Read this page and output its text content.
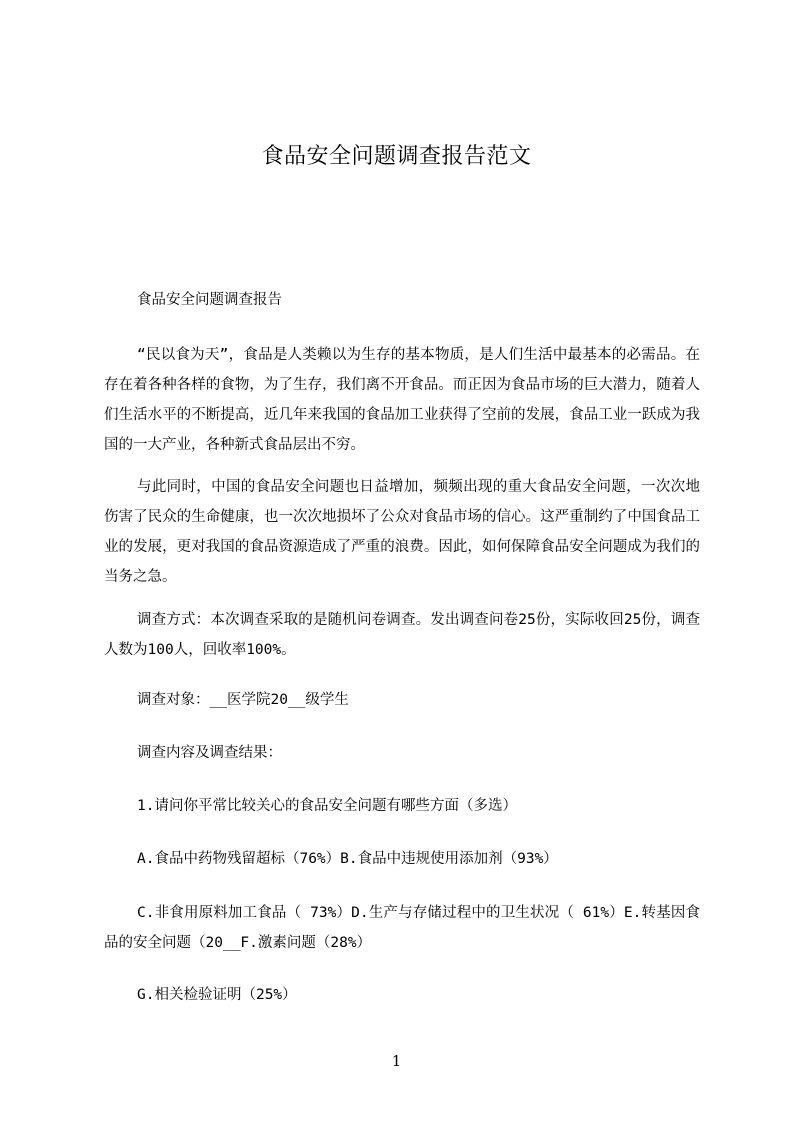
食品安全问题调查报告范文

食品安全问题调查报告

“民以食为天”，食品是人类赖以为生存的基本物质，是人们生活中最基本的必需品。在存在着各种各样的食物，为了生存，我们离不开食品。而正因为食品市场的巨大潜力，随着人们生活水平的不断提高，近几年来我国的食品加工业获得了空前的发展，食品工业一跃成为我国的一大产业，各种新式食品层出不穷。

与此同时，中国的食品安全问题也日益增加，频频出现的重大食品安全问题，一次次地伤害了民众的生命健康，也一次次地损坏了公众对食品市场的信心。这严重制约了中国食品工业的发展，更对我国的食品资源造成了严重的浪费。因此，如何保障食品安全问题成为我们的当务之急。

调查方式：本次调查采取的是随机问卷调查。发出调查问卷25份，实际收回25份，调查人数为100人，回收率100%。

调查对象：__医学院20__级学生

调查内容及调查结果：

1.请问你平常比较关心的食品安全问题有哪些方面（多选）

A.食品中药物残留超标（76%）B.食品中违规使用添加剂（93%）

C.非食用原料加工食品（ 73%）D.生产与存储过程中的卫生状况（ 61%）E.转基因食品的安全问题（20__F.激素问题（28%）

G.相关检验证明（25%）

1
